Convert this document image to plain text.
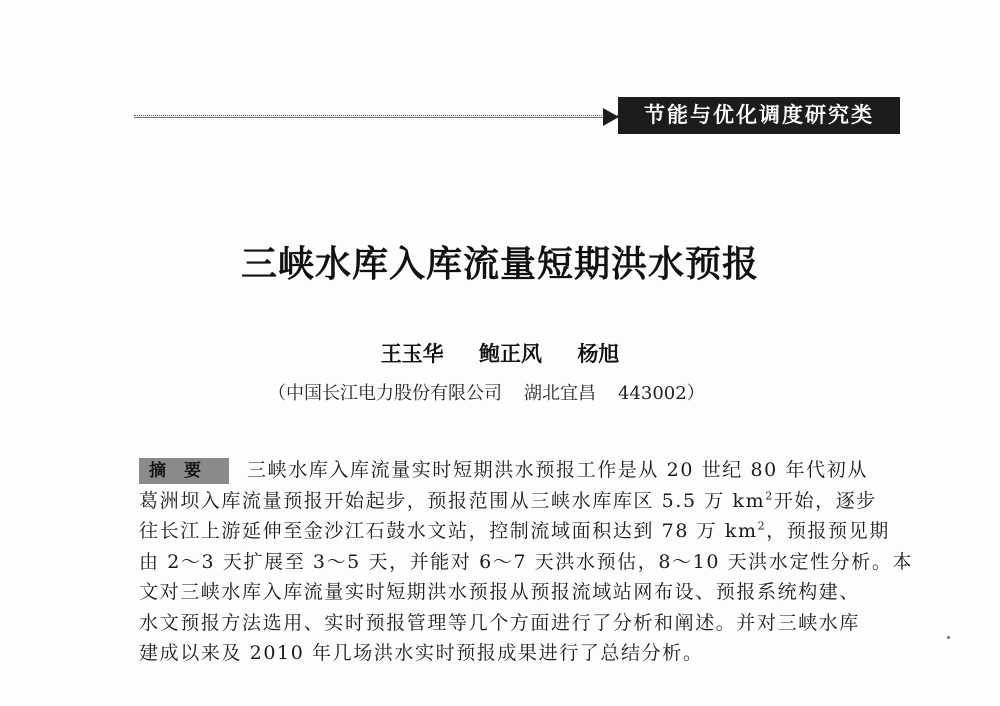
节能与优化调度研究类
三峡水库入库流量短期洪水预报
王玉华 鲍正风 杨旭
（中国长江电力股份有限公司 湖北宜昌 443002）
摘要 三峡水库入库流量实时短期洪水预报工作是从 20 世纪 80 年代初从
葛洲坝入库流量预报开始起步，预报范围从三峡水库库区 5.5 万 $km^2$开始，逐步
往长江上游延伸至金沙江石鼓水文站，控制流域面积达到 78 万 $km^2$，预报预见期
由 2～3 天扩展至 3～5 天，并能对 6～7 天洪水预估，8～10 天洪水定性分析。本
文对三峡水库入库流量实时短期洪水预报从预报流域站网布设、预报系统构建、
水文预报方法选用、实时预报管理等几个方面进行了分析和阐述。并对三峡水库
建成以来及 2010 年几场洪水实时预报成果进行了总结分析。
